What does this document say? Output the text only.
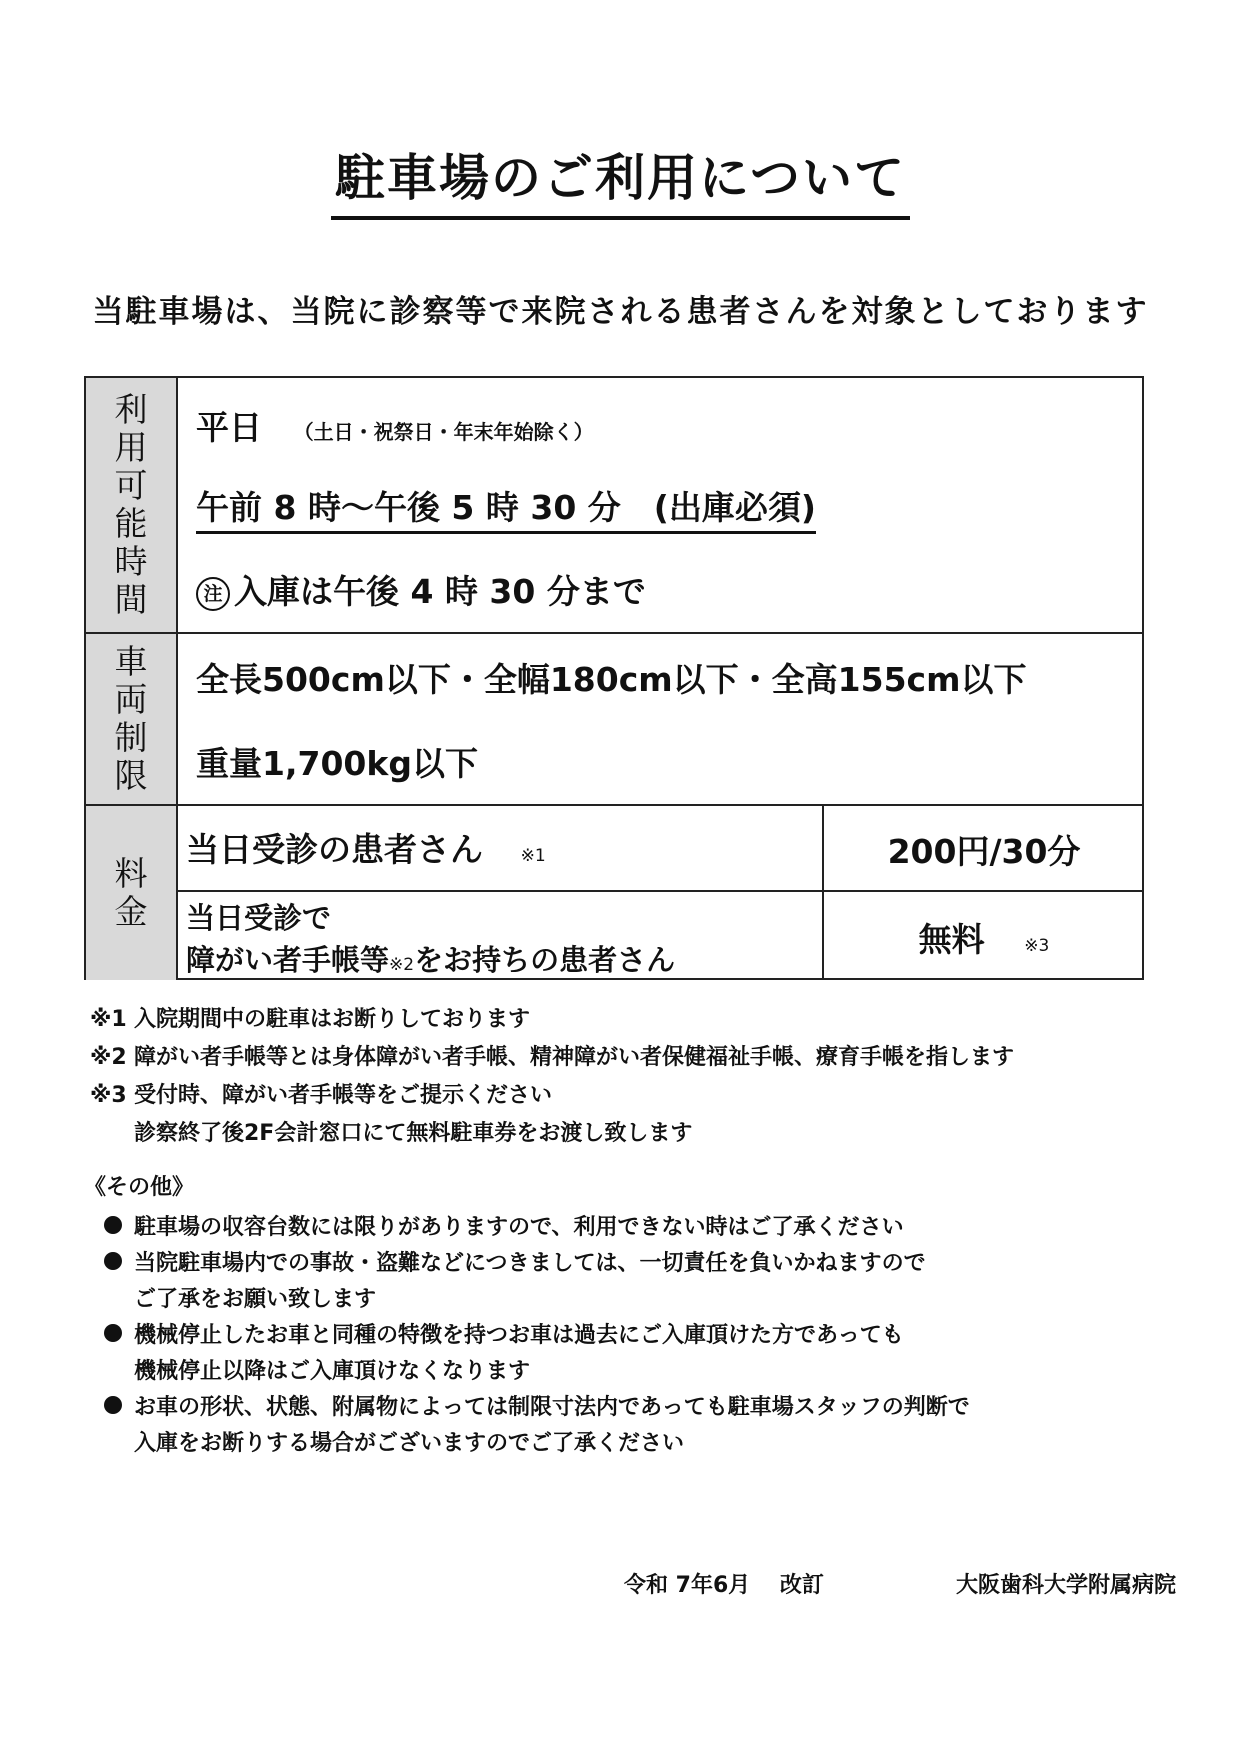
駐車場のご利用について
当駐車場は、当院に診察等で来院される患者さんを対象としております
利
用
可
能
時
間
平日 （土日・祝祭日・年末年始除く）
午前 8 時～午後 5 時 30 分　(出庫必須)
注 入庫は午後 4 時 30 分まで
車
両
制
限
全長500cm以下・全幅180cm以下・全高155cm以下
重量1,700kg以下
料
金
当日受診の患者さん ※1	200円/30分
当日受診で
障がい者手帳等※2をお持ちの患者さん
無料 ※3
※1 入院期間中の駐車はお断りしております
※2 障がい者手帳等とは身体障がい者手帳、精神障がい者保健福祉手帳、療育手帳を指します
※3 受付時、障がい者手帳等をご提示ください
診察終了後2F会計窓口にて無料駐車券をお渡し致します
《その他》
駐車場の収容台数には限りがありますので、利用できない時はご了承ください
当院駐車場内での事故・盗難などにつきましては、一切責任を負いかねますので
ご了承をお願い致します
機械停止したお車と同種の特徴を持つお車は過去にご入庫頂けた方であっても
機械停止以降はご入庫頂けなくなります
お車の形状、状態、附属物によっては制限寸法内であっても駐車場スタッフの判断で
入庫をお断りする場合がございますのでご了承ください
令和 7年6月　 改訂	大阪歯科大学附属病院
